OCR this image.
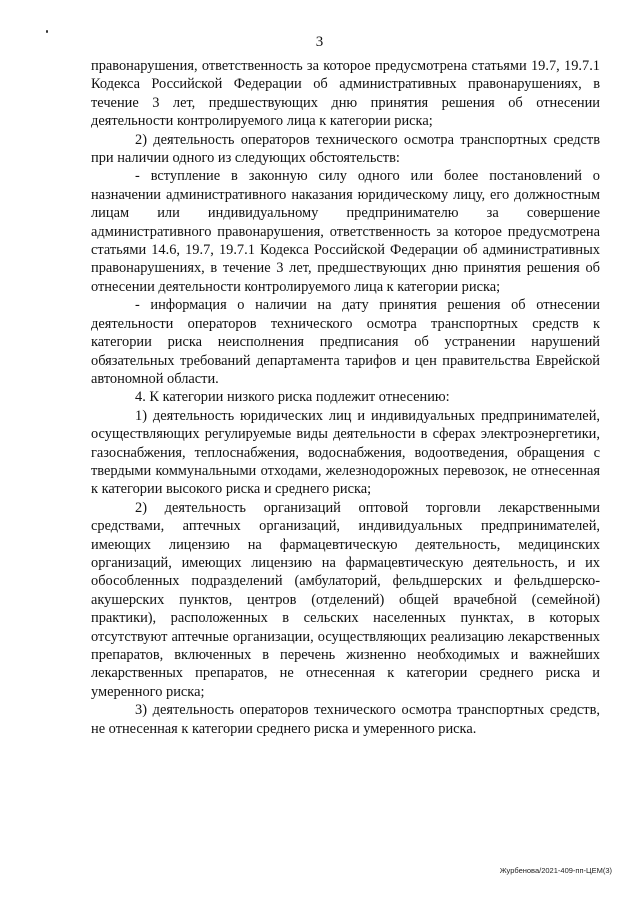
3

правонарушения, ответственность за которое предусмотрена статьями 19.7, 19.7.1 Кодекса Российской Федерации об административных правонарушениях, в течение 3 лет, предшествующих дню принятия решения об отнесении деятельности контролируемого лица к категории риска;

2) деятельность операторов технического осмотра транспортных средств при наличии одного из следующих обстоятельств:

- вступление в законную силу одного или более постановлений о назначении административного наказания юридическому лицу, его должностным лицам или индивидуальному предпринимателю за совершение административного правонарушения, ответственность за которое предусмотрена статьями 14.6, 19.7, 19.7.1 Кодекса Российской Федерации об административных правонарушениях, в течение 3 лет, предшествующих дню принятия решения об отнесении деятельности контролируемого лица к категории риска;

- информация о наличии на дату принятия решения об отнесении деятельности операторов технического осмотра транспортных средств к категории риска неисполнения предписания об устранении нарушений обязательных требований департамента тарифов и цен правительства Еврейской автономной области.

4. К категории низкого риска подлежит отнесению:

1) деятельность юридических лиц и индивидуальных предпринимателей, осуществляющих регулируемые виды деятельности в сферах электроэнергетики, газоснабжения, теплоснабжения, водоснабжения, водоотведения, обращения с твердыми коммунальными отходами, железнодорожных перевозок, не отнесенная к категории высокого риска и среднего риска;

2) деятельность организаций оптовой торговли лекарственными средствами, аптечных организаций, индивидуальных предпринимателей, имеющих лицензию на фармацевтическую деятельность, медицинских организаций, имеющих лицензию на фармацевтическую деятельность, и их обособленных подразделений (амбулаторий, фельдшерских и фельдшерско-акушерских пунктов, центров (отделений) общей врачебной (семейной) практики), расположенных в сельских населенных пунктах, в которых отсутствуют аптечные организации, осуществляющих реализацию лекарственных препаратов, включенных в перечень жизненно необходимых и важнейших лекарственных препаратов, не отнесенная к категории среднего риска и умеренного риска;

3) деятельность операторов технического осмотра транспортных средств, не отнесенная к категории среднего риска и умеренного риска.

Журбенова/2021-409-пп-ЦЕМ(3)
